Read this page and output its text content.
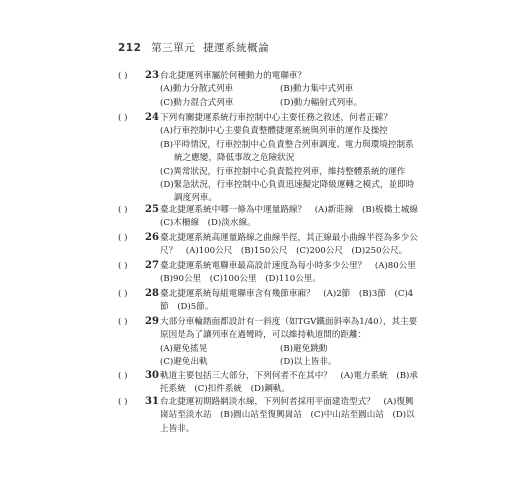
212 第三單元 捷運系統概論
( )	23 台北捷運列車屬於何種動力的電聯車？
(A)動力分散式列車	(B)動力集中式列車
(C)動力混合式列車	(D)動力輻射式列車。
( )	24 下列有關捷運系統行車控制中心主要任務之敘述，何者正確？
(A)行車控制中心主要負責整體捷運系統與列車的運作及操控
(B)平時情況，行車控制中心負責整合列車調度、電力與環境控制系統之應變，降低事故之危險狀況
(C)異常狀況，行車控制中心負責監控列車，維持整體系統的運作
(D)緊急狀況，行車控制中心負責迅速擬定降級運轉之模式，並即時調度列車。
( )	25 臺北捷運系統中哪一條為中運量路線？　(A)新莊線　(B)板橋土城線　(C)木柵線　(D)淡水線。
( )	26 臺北捷運系統高運量路線之曲線半徑，其正線最小曲線半徑為多少公尺？　(A)100公尺　(B)150公尺　(C)200公尺　(D)250公尺。
( )	27 臺北捷運系統電聯車最高設計速度為每小時多少公里？　(A)80公里　(B)90公里　(C)100公里　(D)110公里。
( )	28 臺北捷運系統每組電聯車含有幾節車廂？　(A)2節　(B)3節　(C)4節　(D)5節。
( )	29 大部分車輪踏面都設計有一斜度（如TGV鐵面斜率為1/40），其主要原因是為了讓列車在過彎時，可以維持軌道間的距離：
(A)避免搖晃	(B)避免跳動
(C)避免出軌	(D)以上皆非。
( )	30 軌道主要包括三大部分，下列何者不在其中？　(A)電力系統　(B)承托系統　(C)扣件系統　(D)鋼軌。
( )	31 台北捷運初期路網淡水線，下列何者採用平面建造型式？　(A)復興崗站至淡水站　(B)圓山站至復興崗站　(C)中山站至圓山站　(D)以上皆非。
